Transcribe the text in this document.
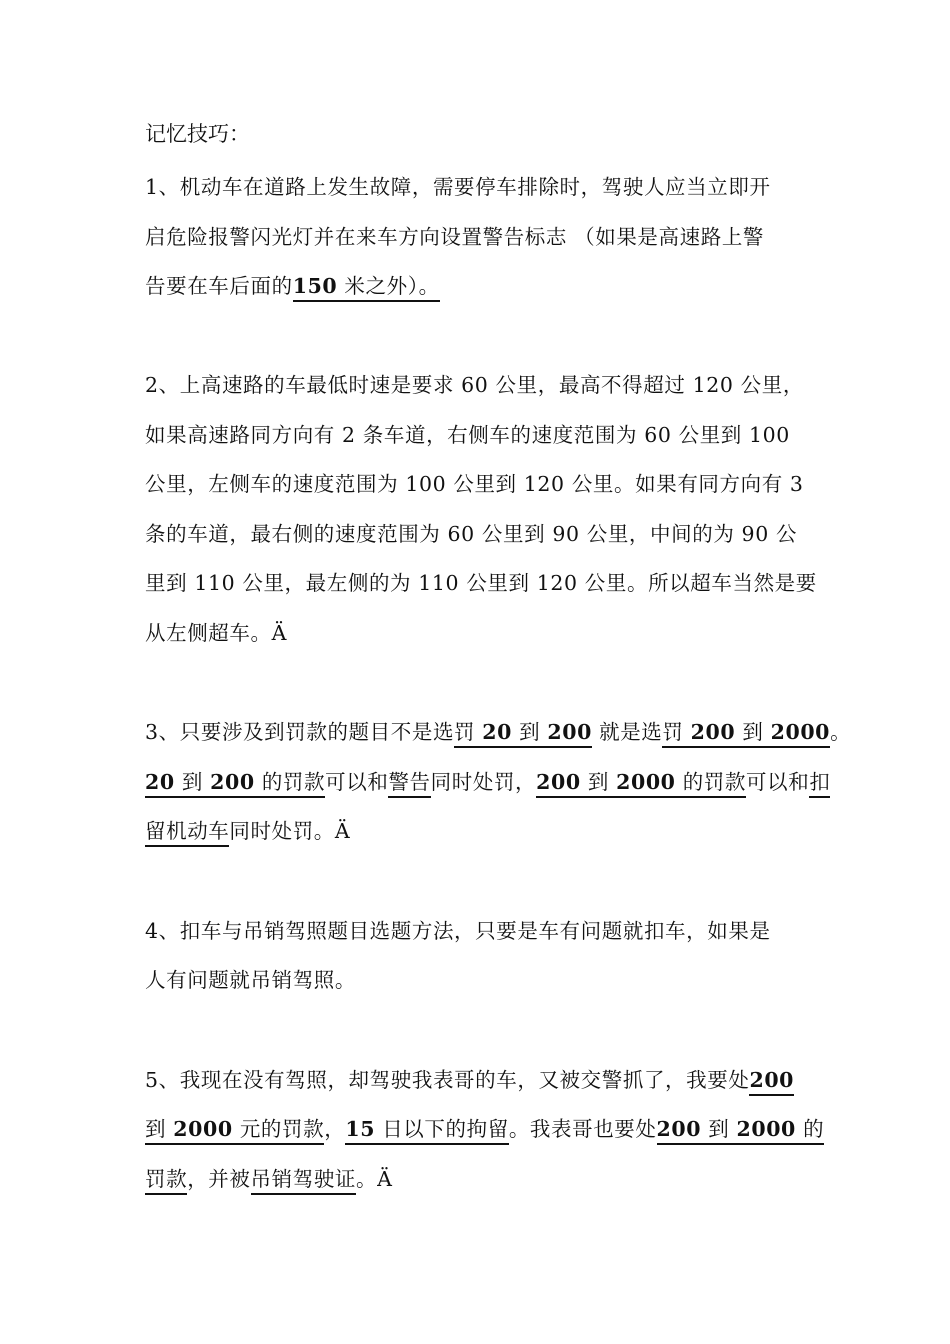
记忆技巧：
1、机动车在道路上发生故障，需要停车排除时，驾驶人应当立即开
启危险报警闪光灯并在来车方向设置警告标志 （如果是高速路上警
告要在车后面的150 米之外）。
2、上高速路的车最低时速是要求 60 公里，最高不得超过 120 公里，
如果高速路同方向有 2 条车道，右侧车的速度范围为 60 公里到 100
公里，左侧车的速度范围为 100 公里到 120 公里。如果有同方向有 3
条的车道，最右侧的速度范围为 60 公里到 90 公里，中间的为 90 公
里到 110 公里，最左侧的为 110 公里到 120 公里。所以超车当然是要
从左侧超车。Ä
3、只要涉及到罚款的题目不是选罚 20 到 200 就是选罚 200 到 2000。
20 到 200 的罚款可以和警告同时处罚，200 到 2000 的罚款可以和扣
留机动车同时处罚。Ä
4、扣车与吊销驾照题目选题方法，只要是车有问题就扣车，如果是
人有问题就吊销驾照。
5、我现在没有驾照，却驾驶我表哥的车，又被交警抓了，我要处200
到 2000 元的罚款，15 日以下的拘留。我表哥也要处200 到 2000 的
罚款，并被吊销驾驶证。Ä
